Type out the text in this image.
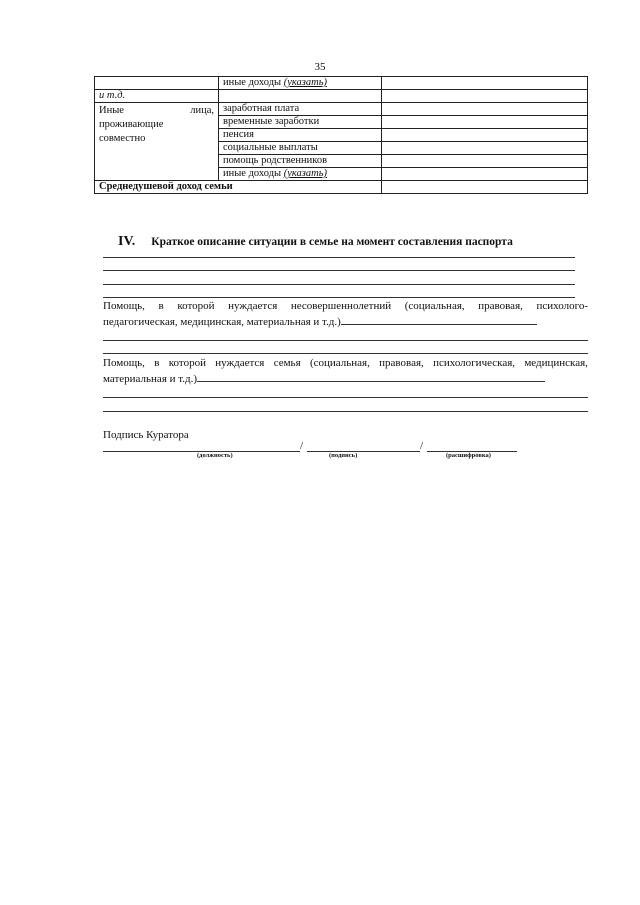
35
	иные доходы (указать)	
и т.д.		

Иные лица,
проживающие
совместно	заработная плата	
	временные заработки	
	пенсия	
	социальные выплаты	
	помощь родственников	
	иные доходы (указать)	
Среднедушевой доход семьи		
IV. Краткое описание ситуации в семье на момент составления паспорта
Помощь, в которой нуждается несовершеннолетний (социальная, правовая, психолого-
педагогическая, медицинская, материальная и т.д.)
Помощь, в которой нуждается семья (социальная, правовая, психологическая, медицинская,
материальная и т.д.)
Подпись Куратора
/	/
(должность)	(подпись)	(расшифровка)
